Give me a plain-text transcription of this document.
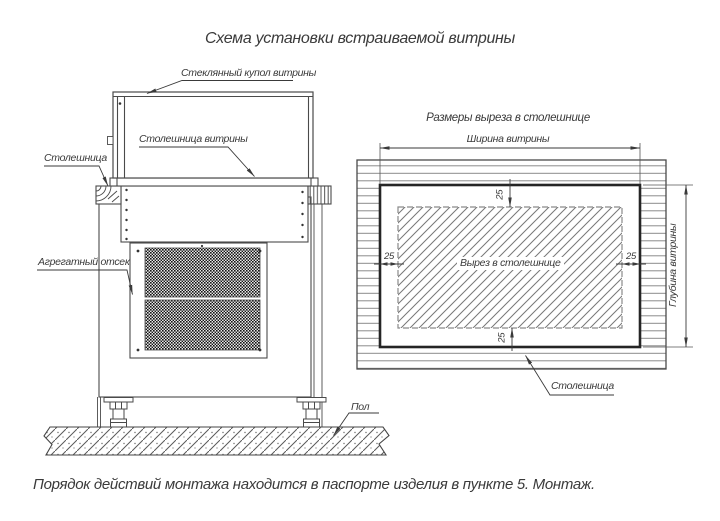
Схема установки встраиваемой витрины
Стеклянный купол витрины
Столешница витрины
Столешница
Агрегатный отсек
Пол
Размеры выреза в столешнице
Ширина витрины
Глубина витрины
Вырез в столешнице
25
25
25	25
Столешница
Порядок действий монтажа находится в паспорте изделия в пункте 5. Монтаж.
